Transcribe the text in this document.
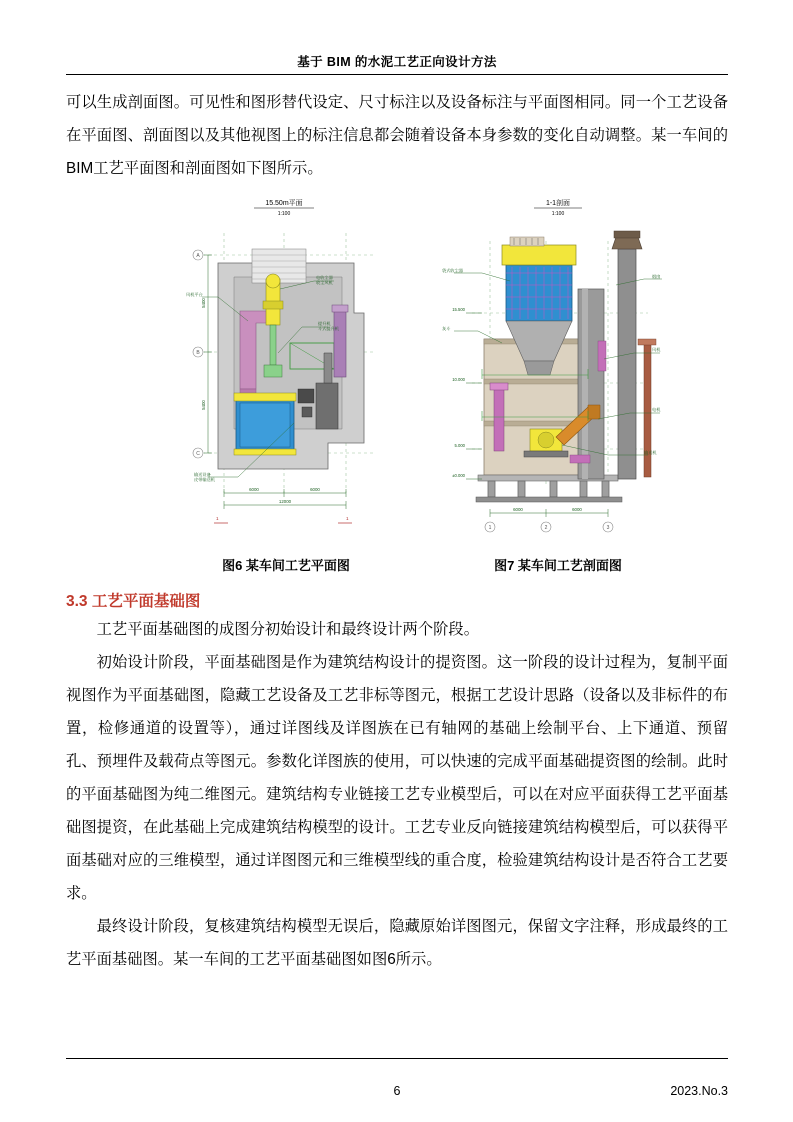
基于 BIM 的水泥工艺正向设计方法

可以生成剖面图。可见性和图形替代设定、尺寸标注以及设备标注与平面图相同。同一个工艺设备在平面图、剖面图以及其他视图上的标注信息都会随着设备本身参数的变化自动调整。某一车间的BIM工艺平面图和剖面图如下图所示。

15.50m平面
1:100
A
B
C
电收尘器
收尘风机
提升机
斗式提升机
输送设备
皮带输送机
风机平台
6000	6000
12000
5400
5400
1	1
1-1剖面
1:100
袋式收尘器
灰斗
烟囱
风机
电机
输送机
15.500
10.000
5.000
±0.000
6000	6000
1	2	3
图6 某车间工艺平面图	图7 某车间工艺剖面图
3.3 工艺平面基础图

工艺平面基础图的成图分初始设计和最终设计两个阶段。

初始设计阶段，平面基础图是作为建筑结构设计的提资图。这一阶段的设计过程为，复制平面视图作为平面基础图，隐藏工艺设备及工艺非标等图元，根据工艺设计思路（设备以及非标件的布置，检修通道的设置等），通过详图线及详图族在已有轴网的基础上绘制平台、上下通道、预留孔、预埋件及载荷点等图元。参数化详图族的使用，可以快速的完成平面基础提资图的绘制。此时的平面基础图为纯二维图元。建筑结构专业链接工艺专业模型后，可以在对应平面获得工艺平面基础图提资，在此基础上完成建筑结构模型的设计。工艺专业反向链接建筑结构模型后，可以获得平面基础对应的三维模型，通过详图图元和三维模型线的重合度，检验建筑结构设计是否符合工艺要求。

最终设计阶段，复核建筑结构模型无误后，隐藏原始详图图元，保留文字注释，形成最终的工艺平面基础图。某一车间的工艺平面基础图如图6所示。

6	2023.No.3
